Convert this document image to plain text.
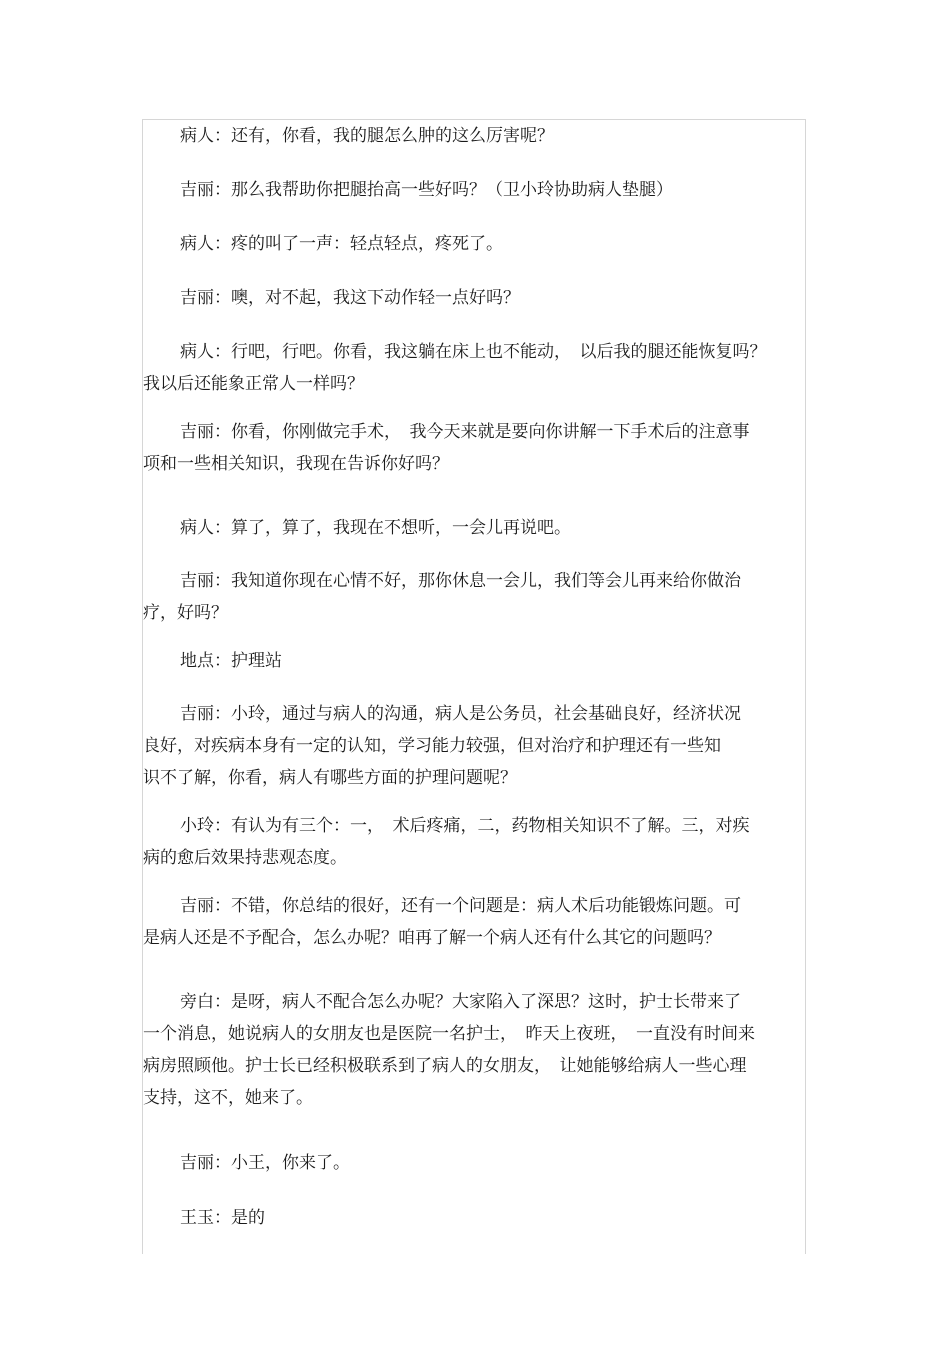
病人：还有，你看，我的腿怎么肿的这么厉害呢？
吉丽：那么我帮助你把腿抬高一些好吗？（卫小玲协助病人垫腿）
病人：疼的叫了一声：轻点轻点，疼死了。
吉丽：噢，对不起，我这下动作轻一点好吗？
病人：行吧，行吧。你看，我这躺在床上也不能动，　以后我的腿还能恢复吗？
我以后还能象正常人一样吗？
吉丽：你看，你刚做完手术，　我今天来就是要向你讲解一下手术后的注意事
项和一些相关知识，我现在告诉你好吗？
病人：算了，算了，我现在不想听，一会儿再说吧。
吉丽：我知道你现在心情不好，那你休息一会儿，我们等会儿再来给你做治
疗，好吗？
地点：护理站
吉丽：小玲，通过与病人的沟通，病人是公务员，社会基础良好，经济状况
良好，对疾病本身有一定的认知，学习能力较强，但对治疗和护理还有一些知
识不了解，你看，病人有哪些方面的护理问题呢？
小玲：有认为有三个：一，　术后疼痛，二，药物相关知识不了解。三，对疾
病的愈后效果持悲观态度。
吉丽：不错，你总结的很好，还有一个问题是：病人术后功能锻炼问题。可
是病人还是不予配合，怎么办呢？咱再了解一个病人还有什么其它的问题吗？
旁白：是呀，病人不配合怎么办呢？大家陷入了深思？这时，护士长带来了
一个消息，她说病人的女朋友也是医院一名护士，　昨天上夜班，　一直没有时间来
病房照顾他。护士长已经积极联系到了病人的女朋友，　让她能够给病人一些心理
支持，这不，她来了。
吉丽：小王，你来了。
王玉：是的
